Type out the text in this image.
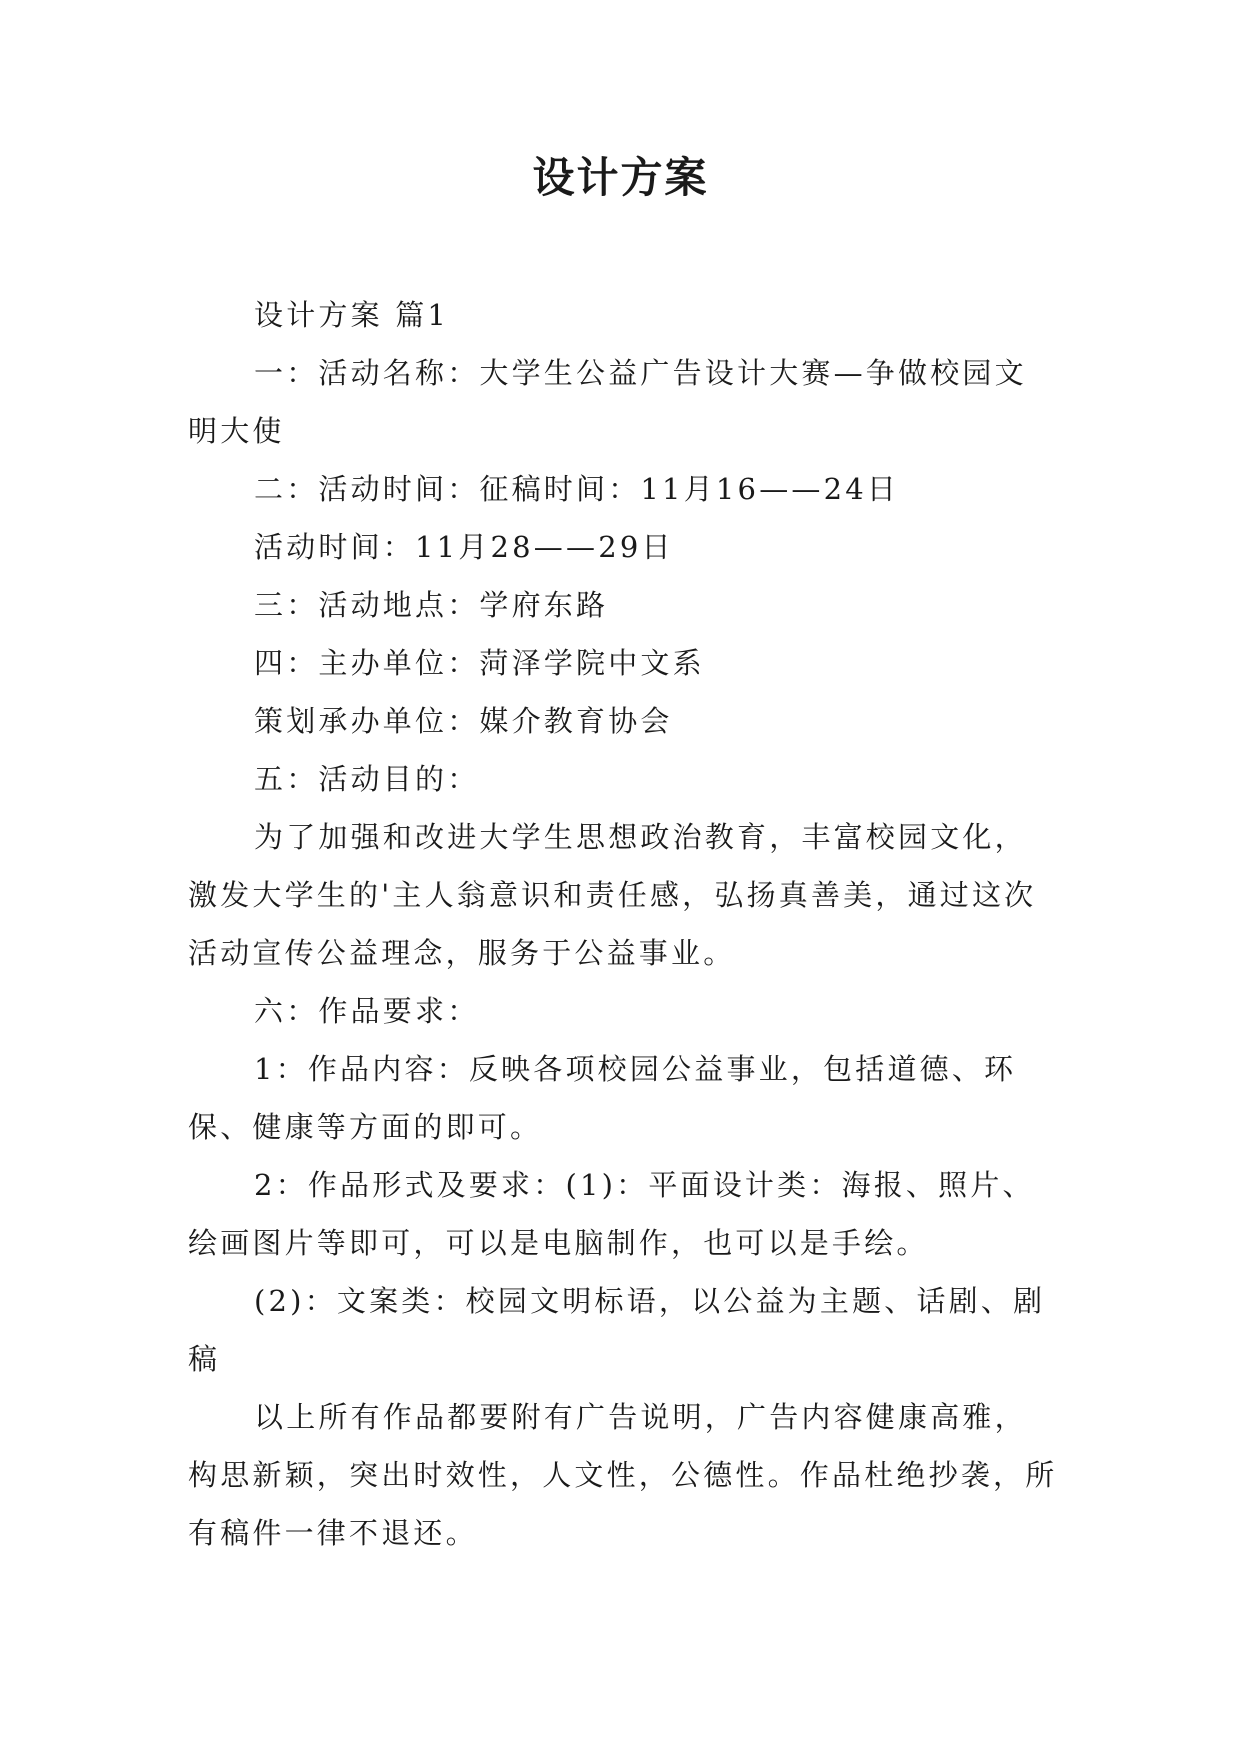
设计方案

设计方案 篇1

一：活动名称：大学生公益广告设计大赛—争做校园文明大使

二：活动时间：征稿时间：11月16——24日

活动时间：11月28——29日

三：活动地点：学府东路

四：主办单位：菏泽学院中文系

策划承办单位：媒介教育协会

五：活动目的：

为了加强和改进大学生思想政治教育，丰富校园文化，激发大学生的'主人翁意识和责任感，弘扬真善美，通过这次活动宣传公益理念，服务于公益事业。

六：作品要求：

1：作品内容：反映各项校园公益事业，包括道德、环保、健康等方面的即可。

2：作品形式及要求：(1)：平面设计类：海报、照片、绘画图片等即可，可以是电脑制作，也可以是手绘。

(2)：文案类：校园文明标语，以公益为主题、话剧、剧稿

以上所有作品都要附有广告说明，广告内容健康高雅，构思新颖，突出时效性，人文性，公德性。作品杜绝抄袭，所有稿件一律不退还。
